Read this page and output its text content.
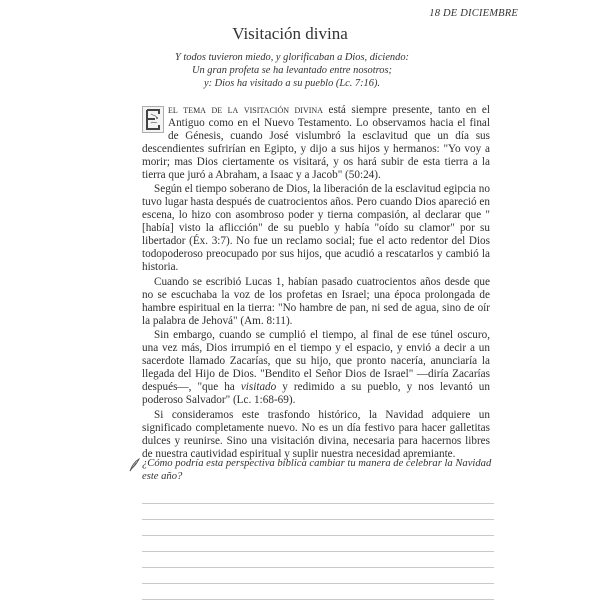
18 DE DICIEMBRE
Visitación divina
Y todos tuvieron miedo, y glorificaban a Dios, diciendo:
Un gran profeta se ha levantado entre nosotros;
y: Dios ha visitado a su pueblo (Lc. 7:16).

el tema de la visitación divina está siempre presente, tanto en el Antiguo como en el Nuevo Testamento. Lo observamos hacia el final de Génesis, cuando José vislumbró la esclavitud que un día sus descendientes sufrirían en Egipto, y dijo a sus hijos y hermanos: "Yo voy a morir; mas Dios ciertamente os visitará, y os hará subir de esta tierra a la tierra que juró a Abraham, a Isaac y a Jacob" (50:24).

Según el tiempo soberano de Dios, la liberación de la esclavitud egipcia no tuvo lugar hasta después de cuatrocientos años. Pero cuando Dios apareció en escena, lo hizo con asombroso poder y tierna compasión, al declarar que "[había] visto la aflicción" de su pueblo y había "oído su clamor" por su libertador (Éx. 3:7). No fue un reclamo social; fue el acto redentor del Dios todopoderoso preocupado por sus hijos, que acudió a rescatarlos y cambió la historia.

Cuando se escribió Lucas 1, habían pasado cuatrocientos años desde que no se escuchaba la voz de los profetas en Israel; una época prolongada de hambre espiritual en la tierra: "No hambre de pan, ni sed de agua, sino de oír la palabra de Jehová" (Am. 8:11).

Sin embargo, cuando se cumplió el tiempo, al final de ese túnel oscuro, una vez más, Dios irrumpió en el tiempo y el espacio, y envió a decir a un sacerdote llamado Zacarías, que su hijo, que pronto nacería, anunciaría la llegada del Hijo de Dios. "Bendito el Señor Dios de Israel" —diría Zacarías después—, "que ha visitado y redimido a su pueblo, y nos levantó un poderoso Salvador" (Lc. 1:68-69).

Si consideramos este trasfondo histórico, la Navidad adquiere un significado completamente nuevo. No es un día festivo para hacer galletitas dulces y reunirse. Sino una visitación divina, necesaria para hacernos libres de nuestra cautividad espiritual y suplir nuestra necesidad apremiante.

¿Cómo podría esta perspectiva bíblica cambiar tu manera de celebrar la Navidad este año?
